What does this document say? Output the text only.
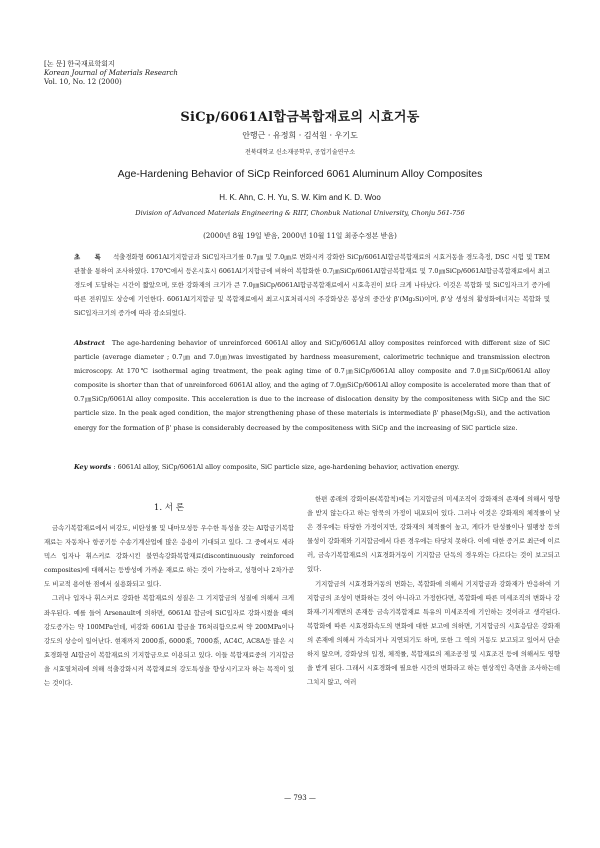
[논 문] 한국재료학회지
Korean Journal of Materials Research
Vol. 10, No. 12 (2000)
SiCp/6061Al합금복합재료의 시효거동
안행근 · 유정희 · 김석원 · 우기도
전북대학교 신소재공학부, 공업기술연구소
Age-Hardening Behavior of SiCp Reinforced 6061 Aluminum Alloy Composites
H. K. Ahn, C. H. Yu, S. W. Kim and K. D. Woo
Division of Advanced Materials Engineering & RIIT, Chonbuk National University, Chonju 561-756
(2000년 8월 19일 받음, 2000년 10월 11일 최종수정본 받음)
초 록 석출경화형 6061Al기지합금과 SiC입자크기를 0.7㎛ 및 7.0㎛로 변화시켜 강화한 SiCp/6061Al합금복합재료의 시효거동을 경도측정, DSC 시험 및 TEM관찰을 통하여 조사하였다. 170℃에서 등온시효시 6061Al기지합금에 비하여 복합화한 0.7㎛SiCp/6061Al합금복합재료 및 7.0㎛SiCp/6061Al합금복합재료에서 최고경도에 도달하는 시간이 짧았으며, 또한 강화재의 크기가 큰 7.0㎛SiCp/6061Al합금복합재료에서 시효촉진이 보다 크게 나타났다. 이것은 복합화 및 SiC입자크기 증가에 따른 전위밀도 상승에 기인한다. 6061Al기지합금 및 복합재료에서 최고시효처리시의 주강화상은 봉상의 중간상 β'(Mg₂Si)이며, β'상 생성의 활성화에너지는 복합화 및 SiC입자크기의 증가에 따라 감소되었다.
Abstract The age-hardening behavior of unreinforced 6061Al alloy and SiCp/6061Al alloy composites reinforced with different size of SiC particle (average diameter ; 0.7㎛ and 7.0㎛)was investigated by hardness measurement, calorimetric technique and transmission electron microscopy. At 170℃ isothermal aging treatment, the peak aging time of 0.7㎛SiCp/6061Al alloy composite and 7.0㎛SiCp/6061Al alloy composite is shorter than that of unreinforced 6061Al alloy, and the aging of 7.0㎛SiCp/6061Al alloy composite is accelerated more than that of 0.7㎛SiCp/6061Al alloy composite. This acceleration is due to the increase of dislocation density by the compositeness with SiCp and the SiC particle size. In the peak aged condition, the major strengthening phase of these materials is intermediate β' phase(Mg₂Si), and the activation energy for the formation of β' phase is considerably decreased by the compositeness with SiCp and the increasing of SiC particle size.
Key words : 6061Al alloy, SiCp/6061Al alloy composite, SiC particle size, age-hardening behavior, activation energy.
1. 서 론

금속기복합재료에서 비강도, 비탄성률 및 내마모성등 우수한 특성을 갖는 Al합금기복합재료는 자동차나 항공기등 수송기계산업에 많은 응용이 기대되고 있다. 그 중에서도 세라믹스 입자나 휘스커로 강화시킨 불연속강화복합재료(discontinuously reinforced composites)에 대해서는 등방성에 가까운 재료로 하는 것이 가능하고, 성형이나 2차가공도 비교적 용이한 점에서 실용화되고 있다.

그러나 입자나 휘스커로 강화한 복합재료의 성질은 그 기지합금의 성질에 의해서 크게 좌우된다. 예를 들어 Arsenault에 의하면, 6061Al 합금에 SiC입자로 강화시켰을 때의 강도증가는 약 100MPa인데, 비강화 6061Al 합금을 T6처리함으로써 약 200MPa이나 강도의 상승이 일어난다. 현재까지 2000系, 6000系, 7000系, AC4C, AC8A등 많은 시효경화형 Al합금이 복합재료의 기지합금으로 이용되고 있다. 이들 복합재료중의 기지합금을 시효열처리에 의해 석출강화시켜 복합재료의 강도특성을 향상시키고자 하는 목적이 있는 것이다.

한편 종래의 강화이론(복합칙)에는 기지합금의 미세조직이 강화재의 존재에 의해서 영향을 받지 않는다고 하는 암묵의 가정이 내포되어 있다. 그러나 이것은 강화재의 체적률이 낮은 경우에는 타당한 가정이지만, 강화재의 체적률이 높고, 게다가 탄성률이나 열팽창 등의 물성이 강화재와 기지합금에서 다른 경우에는 타당치 못하다. 이에 대한 증거로 최근에 이르러, 금속기복합재료의 시효경화거동이 기지합금 단독의 경우와는 다르다는 것이 보고되고 있다.

기지합금의 시효경화거동의 변화는, 복합화에 의해서 기지합금과 강화재가 반응하여 기지합금의 조성이 변화하는 것이 아니라고 가정한다면, 복합화에 따른 미세조직의 변화나 강화재-기지계면의 존재등 금속기복합재료 특유의 미세조직에 기인하는 것이라고 생각된다. 복합화에 따른 시효경화속도의 변화에 대한 보고에 의하면, 기지합금의 시효응답은 강화재의 존재에 의해서 가속되거나 지연되기도 하며, 또한 그 역의 거동도 보고되고 있어서 단순하지 않으며, 강화상의 입경, 체적률, 복합재료의 제조공정 및 시효조건 등에 의해서도 영향을 받게 된다. 그래서 시효경화에 필요한 시간의 변화라고 하는 현상적인 측면을 조사하는데 그치지 않고, 여러

— 793 —
